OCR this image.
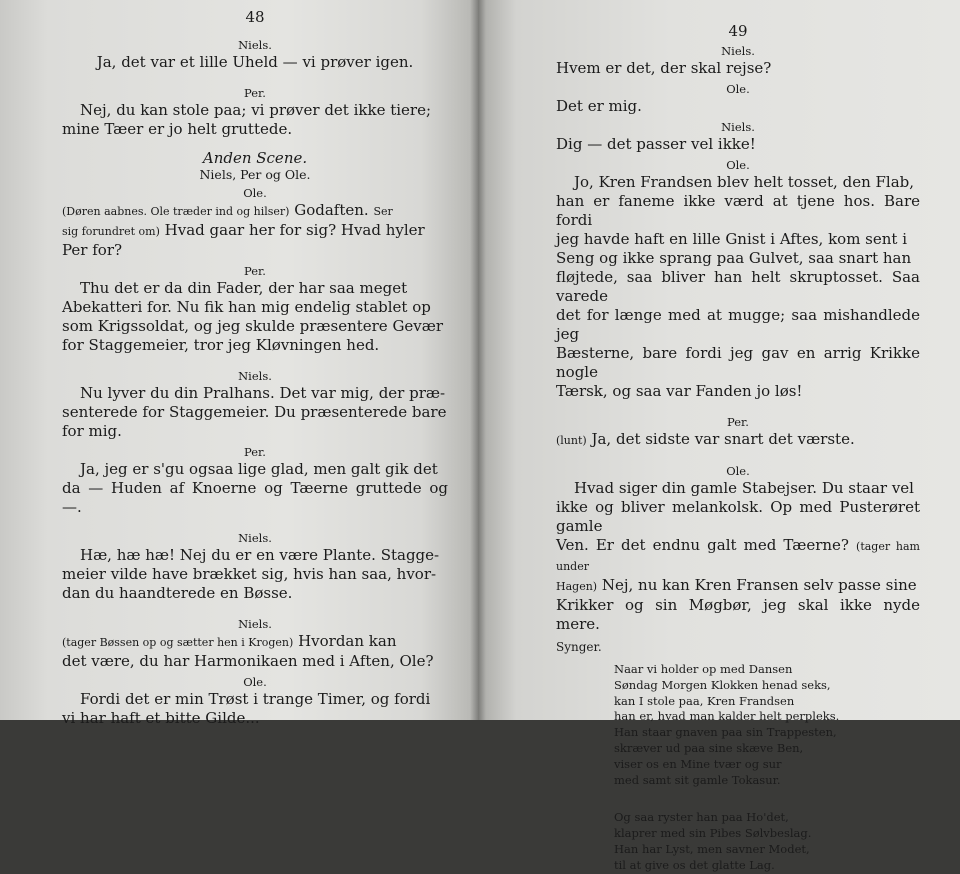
48
Niels.
Ja, det var et lille Uheld — vi prøver igen.
Per.
Nej, du kan stole paa; vi prøver det ikke tiere;
mine Tæer er jo helt gruttede.
Anden Scene.
Niels, Per og Ole.
Ole.
(Døren aabnes. Ole træder ind og hilser) Godaften. Ser
sig forundret om) Hvad gaar her for sig? Hvad hyler
Per for?
Per.
Thu det er da din Fader, der har saa meget
Abekatteri for. Nu fik han mig endelig stablet op
som Krigssoldat, og jeg skulde præsentere Gevær
for Staggemeier, tror jeg Kløvningen hed.
Niels.
Nu lyver du din Pralhans. Det var mig, der præ-
senterede for Staggemeier. Du præsenterede bare
for mig.
Per.
Ja, jeg er s'gu ogsaa lige glad, men galt gik det
da — Huden af Knoerne og Tæerne gruttede og —.
Niels.
Hæ, hæ hæ! Nej du er en være Plante. Stagge-
meier vilde have brækket sig, hvis han saa, hvor-
dan du haandterede en Bøsse.
Niels.
(tager Bøssen op og sætter hen i Krogen) Hvordan kan
det være, du har Harmonikaen med i Aften, Ole?
Ole.
Fordi det er min Trøst i trange Timer, og fordi
vi har haft et bitte Gilde...
49
Niels.
Hvem er det, der skal rejse?
Ole.
Det er mig.
Niels.
Dig — det passer vel ikke!
Ole.
Jo, Kren Frandsen blev helt tosset, den Flab,
han er faneme ikke værd at tjene hos. Bare fordi
jeg havde haft en lille Gnist i Aftes, kom sent i
Seng og ikke sprang paa Gulvet, saa snart han
fløjtede, saa bliver han helt skruptosset. Saa varede
det for længe med at mugge; saa mishandlede jeg
Bæsterne, bare fordi jeg gav en arrig Krikke nogle
Tærsk, og saa var Fanden jo løs!
Per.
(lunt) Ja, det sidste var snart det værste.
Ole.
Hvad siger din gamle Stabejser. Du staar vel
ikke og bliver melankolsk. Op med Pusterøret gamle
Ven. Er det endnu galt med Tæerne? (tager ham under
Hagen) Nej, nu kan Kren Fransen selv passe sine
Krikker og sin Møgbør, jeg skal ikke nyde mere.
Synger.
Naar vi holder op med Dansen
Søndag Morgen Klokken henad seks,
kan I stole paa, Kren Frandsen
han er, hvad man kalder helt perpleks.
Han staar gnaven paa sin Trappesten,
skræver ud paa sine skæve Ben,
viser os en Mine tvær og sur
med samt sit gamle Tokasur.
Og saa ryster han paa Ho'det,
klaprer med sin Pibes Sølvbeslag.
Han har Lyst, men savner Modet,
til at give os det glatte Lag.
